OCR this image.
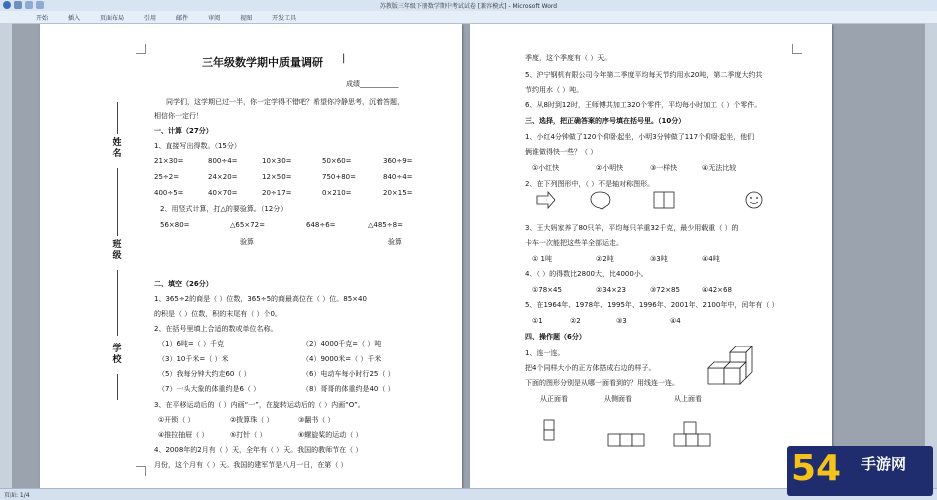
苏教版三年级下册数学期中考试试卷 [兼容模式] - Microsoft Word
开始	插入	页面布局	引用	邮件	审阅	视图	开发工具
姓名
班级
学校
三年级数学期中质量调研 |
成绩___________
同学们，这学期已过一半，你一定学得不错吧？希望你冷静思考，沉着答题，
相信你一定行！
一、计算（27分）
1、直接写出得数。（15分）
21×30=	800÷4=	10×30=	50×60=	360÷9=
25÷2=	24×20=	12×50=	750+80=	840÷4=
400÷5=	40×70=	20÷17=	0×210=	20×15=
2、用竖式计算，打△的要验算。（12分）
56×80=	△65×72=	648÷6=	△485÷8=
验算	验算
二、填空（26分）
1、365÷2的商是（ ）位数，365÷5的商最高位在（ ）位。85×40
的积是（ ）位数，积的末尾有（ ）个0。
2、在括号里填上合适的数或单位名称。
（1）6吨=（ ）千克	（2）4000千克=（ ）吨
（3）10千米=（ ）米	（4）9000米=（ ）千米
（5）我每分钟大约走60（ ）	（6）电动车每小时行25（ ）
（7）一头大象的体重约是6（ ）	（8）哥哥的体重约是40（ ）
3、在平移运动后的（ ）内画“一”，在旋转运动后的（ ）内画“O”。
①开锁（ ）	②拨算珠（ ）	③翻书（ ）
④推拉抽屉（ ）	⑤打针（ ）	⑥螺旋桨的运动（ ）
4、2008年的2月有（ ）天，全年有（ ）天。我国的教师节在（ ）
月份，这个月有（ ）天。我国的建军节是八月一日，在第（ ）
季度，这个季度有（ ）天。
5、沪宁钢机有限公司今年第二季度平均每天节约用水20吨，第二季度大约共
节约用水（ ）吨。
6、从8时到12时，王师傅共加工320个零件，平均每小时加工（ ）个零件。
三、选择，把正确答案的序号填在括号里。（10分）
1、小红4分钟做了120个仰卧起坐，小明3分钟做了117个仰卧起坐，他们
俩谁做得快一些？（ ）
①小红快	②小明快	③一样快	④无法比较
2、在下列图形中，（ ）不是轴对称图形。
3、王大妈家养了80只羊，平均每只羊重32千克，最少用载重（ ）的
卡车一次能把这些羊全部运走。
① 1吨	②2吨	③3吨	④4吨
4、（ ）的得数比2800大，比4000小。
①78×45	②34×23	③72×85	④42×68
5、在1964年、1978年、1995年、1996年、2001年、2100年中，闰年有（ ）
①1	②2	③3	④4
四、操作题（6分）
1、连一连。
把4个同样大小的正方体搭成右边的样子。
下面的图形分别是从哪一面看到的？用线连一连。
从正面看	从侧面看	从上面看
页面: 1/4
54 手游网
